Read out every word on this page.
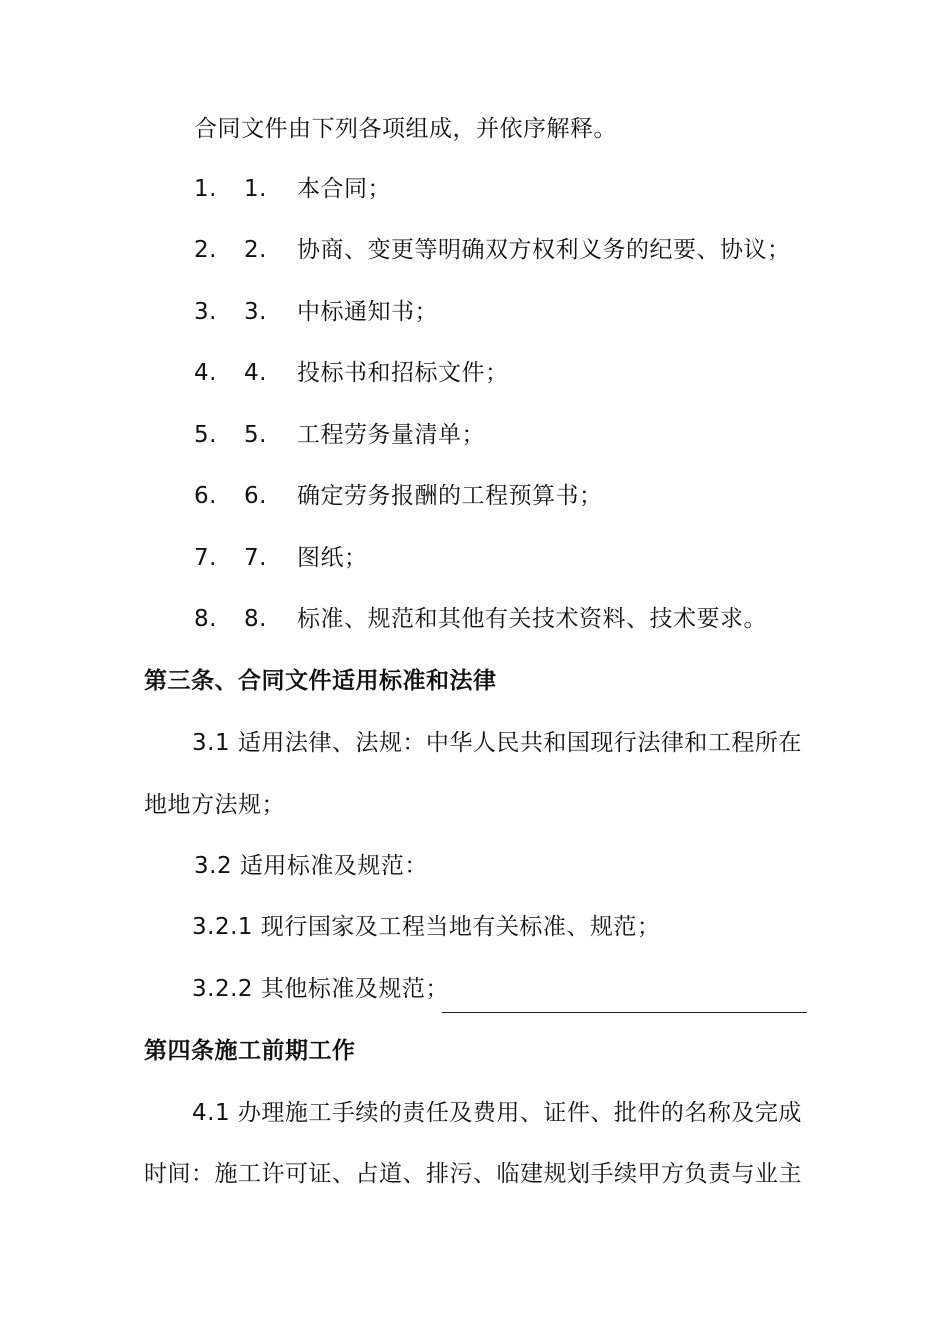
合同文件由下列各项组成，并依序解释。
1. 1. 本合同；
2. 2. 协商、变更等明确双方权利义务的纪要、协议；
3. 3. 中标通知书；
4. 4. 投标书和招标文件；
5. 5. 工程劳务量清单；
6. 6. 确定劳务报酬的工程预算书；
7. 7. 图纸；
8. 8. 标准、规范和其他有关技术资料、技术要求。
第三条、合同文件适用标准和法律
3.1 适用法律、法规：中华人民共和国现行法律和工程所在
地地方法规；
3.2 适用标准及规范：
3.2.1 现行国家及工程当地有关标准、规范；
3.2.2 其他标准及规范；
第四条施工前期工作
4.1 办理施工手续的责任及费用、证件、批件的名称及完成
时间：施工许可证、占道、排污、临建规划手续甲方负责与业主
